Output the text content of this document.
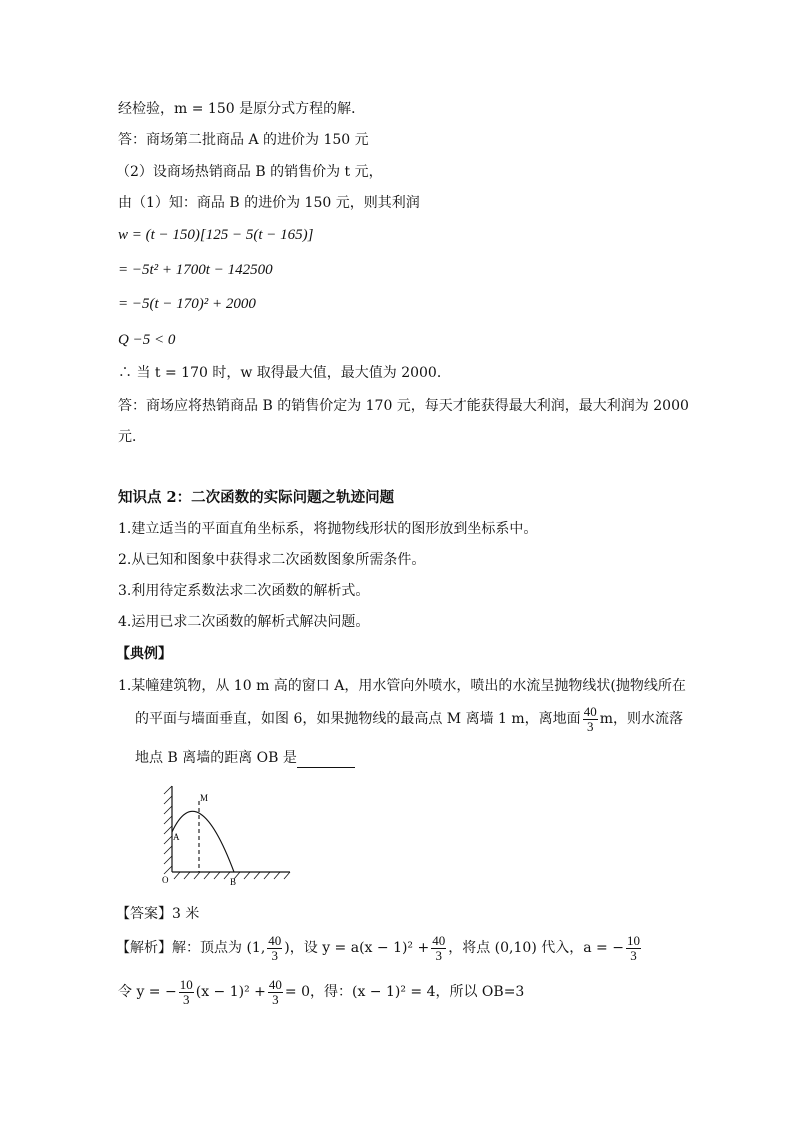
经检验，m = 150 是原分式方程的解．
答：商场第二批商品 A 的进价为 150 元
（2）设商场热销商品 B 的销售价为 t 元，
由（1）知：商品 B 的进价为 150 元，则其利润
w = (t − 150)[125 − 5(t − 165)]
= −5t² + 1700t − 142500
= −5(t − 170)² + 2000
Q −5 < 0
∴ 当 t = 170 时，w 取得最大值，最大值为 2000．
答：商场应将热销商品 B 的销售价定为 170 元，每天才能获得最大利润，最大利润为 2000
元．
知识点 2：二次函数的实际问题之轨迹问题
1.建立适当的平面直角坐标系，将抛物线形状的图形放到坐标系中。
2.从已知和图象中获得求二次函数图象所需条件。
3.利用待定系数法求二次函数的解析式。
4.运用已求二次函数的解析式解决问题。
【典例】
1.某幢建筑物，从 10 m 高的窗口 A，用水管向外喷水，喷出的水流呈抛物线状(抛物线所在
的平面与墙面垂直，如图 6，如果抛物线的最高点 M 离墙 1 m，离地面 $\frac{40}{3}$ m，则水流落
地点 B 离墙的距离 OB 是
M
A
O	B
【答案】3 米
【解析】解：顶点为 (1, $\frac{40}{3}$ )，设 $y = a(x - 1)^2 + \frac{40}{3}$ ，将点 (0,10) 代入，a = − $\frac{10}{3}$
令 y = − $\frac{10}{3} (x - 1)^2 + \frac{40}{3} = 0$，得：(x − 1)² = 4，所以 OB=3
